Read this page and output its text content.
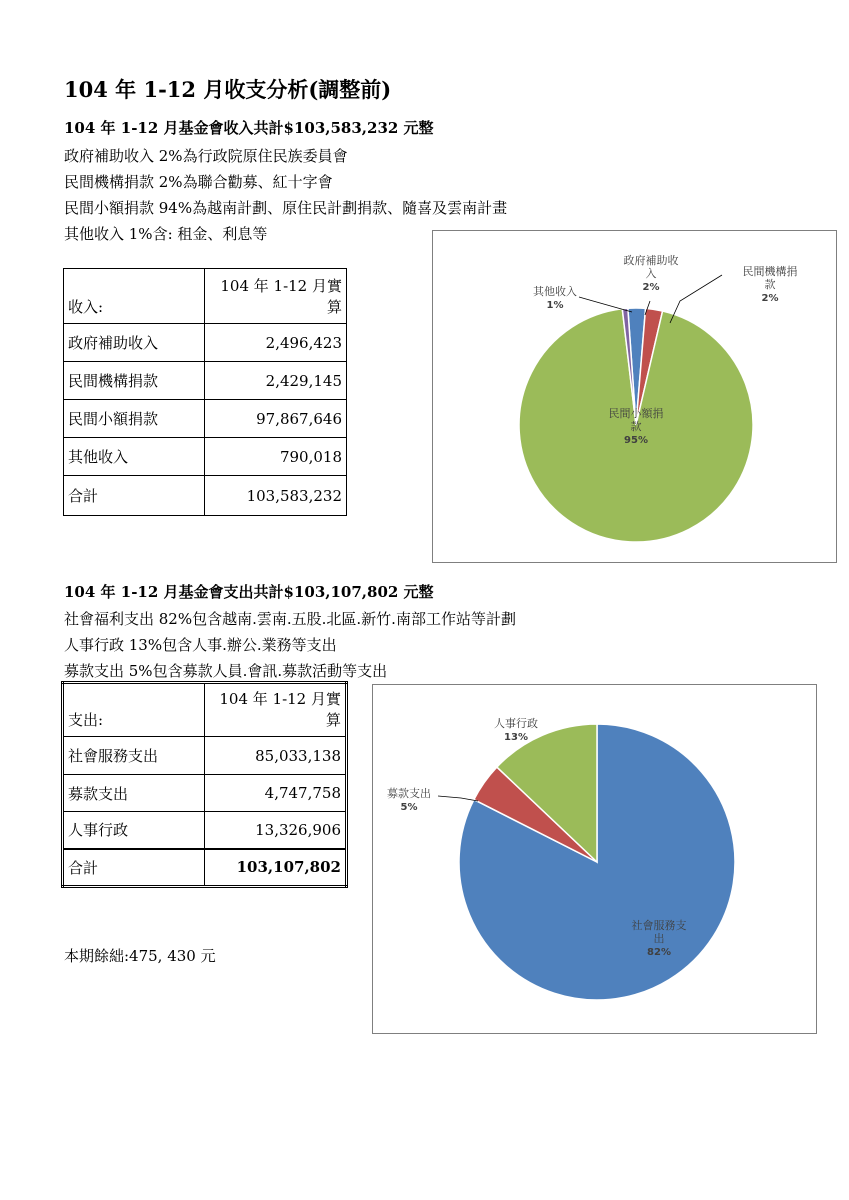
104 年 1-12 月收支分析(調整前)
104 年 1-12 月基金會收入共計$103,583,232 元整
政府補助收入 2%為行政院原住民族委員會
民間機構捐款 2%為聯合勸募、紅十字會
民間小額捐款 94%為越南計劃、原住民計劃捐款、隨喜及雲南計畫
其他收入 1%含: 租金、利息等
收入:	104 年 1-12 月實算
政府補助收入	2,496,423
民間機構捐款	2,429,145
民間小額捐款	97,867,646
其他收入	790,018
合計	103,583,232
政府補助收入 2%
民間機構捐款 2%
民間小額捐款 95%
其他收入 1%
104 年 1-12 月基金會支出共計$103,107,802 元整
社會福利支出 82%包含越南.雲南.五股.北區.新竹.南部工作站等計劃
人事行政 13%包含人事.辦公.業務等支出
募款支出 5%包含募款人員.會訊.募款活動等支出
支出:	104 年 1-12 月實算
社會服務支出	85,033,138
募款支出	4,747,758
人事行政	13,326,906
合計	103,107,802
本期餘絀:475, 430 元
社會服務支出 82%
募款支出 5%
人事行政 13%
